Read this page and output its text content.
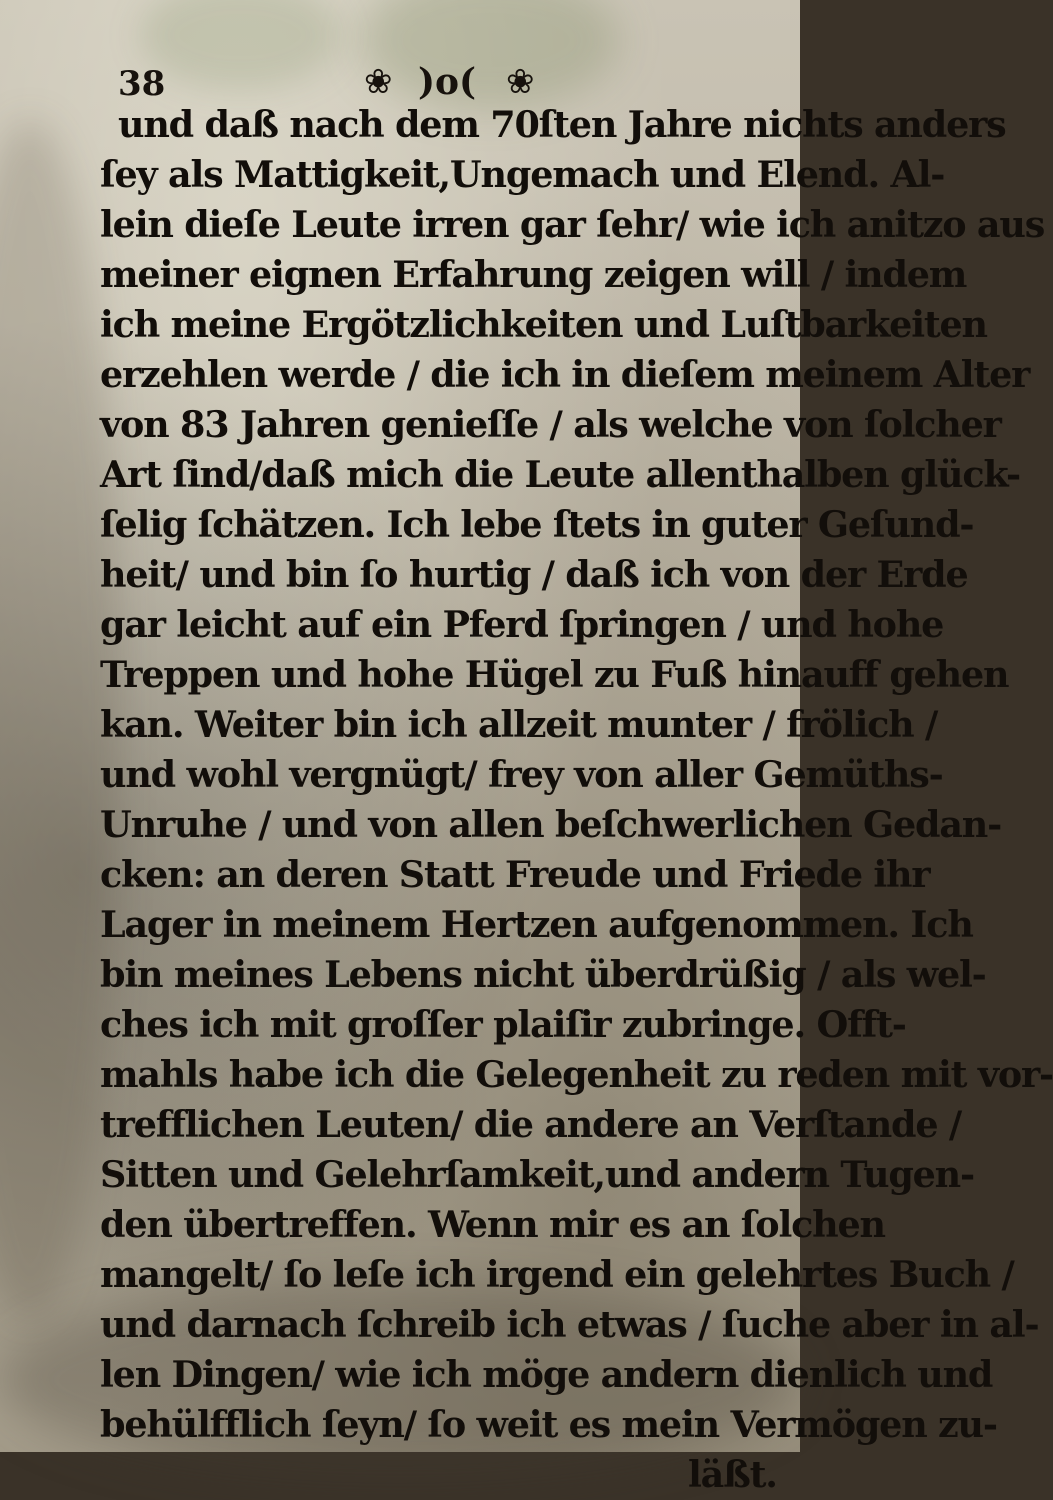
38	❀ )o( ❀
und daß nach dem 70ſten Jahre nichts anders
ſey als Mattigkeit,Ungemach und Elend. Al-
lein dieſe Leute irren gar ſehr/ wie ich anitzo aus
meiner eignen Erfahrung zeigen will / indem
ich meine Ergötzlichkeiten und Luſtbarkeiten
erzehlen werde / die ich in dieſem meinem Alter
von 83 Jahren genieſſe / als welche von ſolcher
Art ſind/daß mich die Leute allenthalben glück-
ſelig ſchätzen. Ich lebe ſtets in guter Geſund-
heit/ und bin ſo hurtig / daß ich von der Erde
gar leicht auf ein Pferd ſpringen / und hohe
Treppen und hohe Hügel zu Fuß hinauff gehen
kan. Weiter bin ich allzeit munter / frölich /
und wohl vergnügt/ frey von aller Gemüths-
Unruhe / und von allen beſchwerlichen Gedan-
cken: an deren Statt Freude und Friede ihr
Lager in meinem Hertzen aufgenommen. Ich
bin meines Lebens nicht überdrüßig / als wel-
ches ich mit groſſer plaiſir zubringe. Offt-
mahls habe ich die Gelegenheit zu reden mit vor-
trefflichen Leuten/ die andere an Verſtande /
Sitten und Gelehrſamkeit,und andern Tugen-
den übertreffen. Wenn mir es an ſolchen
mangelt/ ſo leſe ich irgend ein gelehrtes Buch /
und darnach ſchreib ich etwas / ſuche aber in al-
len Dingen/ wie ich möge andern dienlich und
behülfflich ſeyn/ ſo weit es mein Vermögen zu-
läßt.
